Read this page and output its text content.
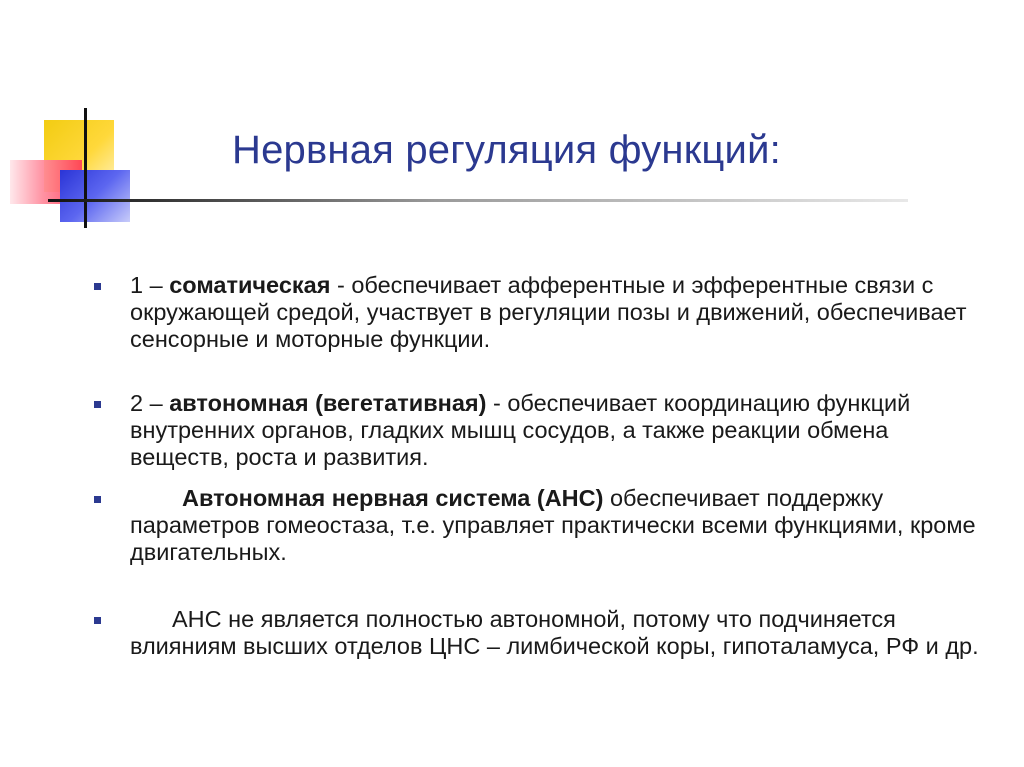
Нервная регуляция функций:
1 – соматическая - обеспечивает афферентные и эфферентные связи с окружающей средой, участвует в регуляции позы и движений, обеспечивает сенсорные и моторные функции.
2 – автономная (вегетативная) - обеспечивает координацию функций внутренних органов, гладких мышц сосудов, а также реакции обмена веществ, роста и развития.
Автономная нервная система (АНС) обеспечивает поддержку параметров гомеостаза, т.е. управляет практически всеми функциями, кроме двигательных.
АНС не является полностью автономной, потому что подчиняется влияниям высших отделов ЦНС – лимбической коры, гипоталамуса, РФ и др.
